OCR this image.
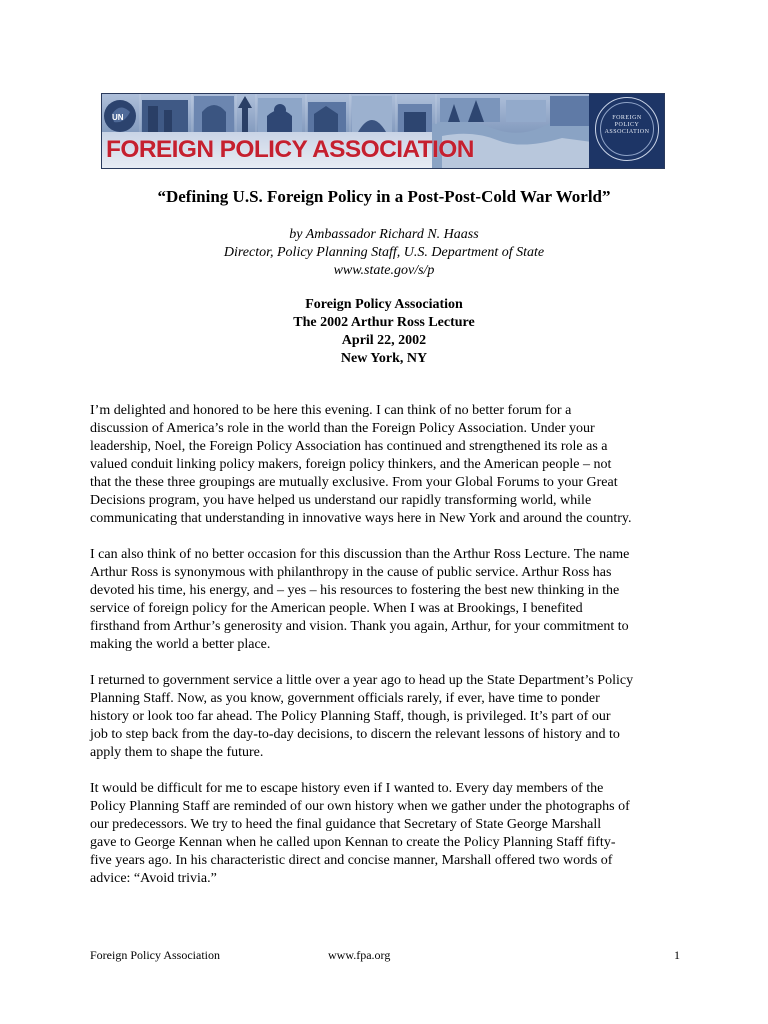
UN
FOREIGN POLICY ASSOCIATION
FOREIGN
POLICY
ASSOCIATION
“Defining U.S. Foreign Policy in a Post-Post-Cold War World”
by Ambassador Richard N. Haass
Director, Policy Planning Staff, U.S. Department of State
www.state.gov/s/p
Foreign Policy Association
The 2002 Arthur Ross Lecture
April 22, 2002
New York, NY

I’m delighted and honored to be here this evening. I can think of no better forum for a
discussion of America’s role in the world than the Foreign Policy Association. Under your
leadership, Noel, the Foreign Policy Association has continued and strengthened its role as a
valued conduit linking policy makers, foreign policy thinkers, and the American people – not
that the these three groupings are mutually exclusive. From your Global Forums to your Great
Decisions program, you have helped us understand our rapidly transforming world, while
communicating that understanding in innovative ways here in New York and around the country.

I can also think of no better occasion for this discussion than the Arthur Ross Lecture. The name
Arthur Ross is synonymous with philanthropy in the cause of public service. Arthur Ross has
devoted his time, his energy, and – yes – his resources to fostering the best new thinking in the
service of foreign policy for the American people. When I was at Brookings, I benefited
firsthand from Arthur’s generosity and vision. Thank you again, Arthur, for your commitment to
making the world a better place.

I returned to government service a little over a year ago to head up the State Department’s Policy
Planning Staff. Now, as you know, government officials rarely, if ever, have time to ponder
history or look too far ahead. The Policy Planning Staff, though, is privileged. It’s part of our
job to step back from the day-to-day decisions, to discern the relevant lessons of history and to
apply them to shape the future.

It would be difficult for me to escape history even if I wanted to. Every day members of the
Policy Planning Staff are reminded of our own history when we gather under the photographs of
our predecessors. We try to heed the final guidance that Secretary of State George Marshall
gave to George Kennan when he called upon Kennan to create the Policy Planning Staff fifty-
five years ago. In his characteristic direct and concise manner, Marshall offered two words of
advice: “Avoid trivia.”

Foreign Policy Association	www.fpa.org	1
